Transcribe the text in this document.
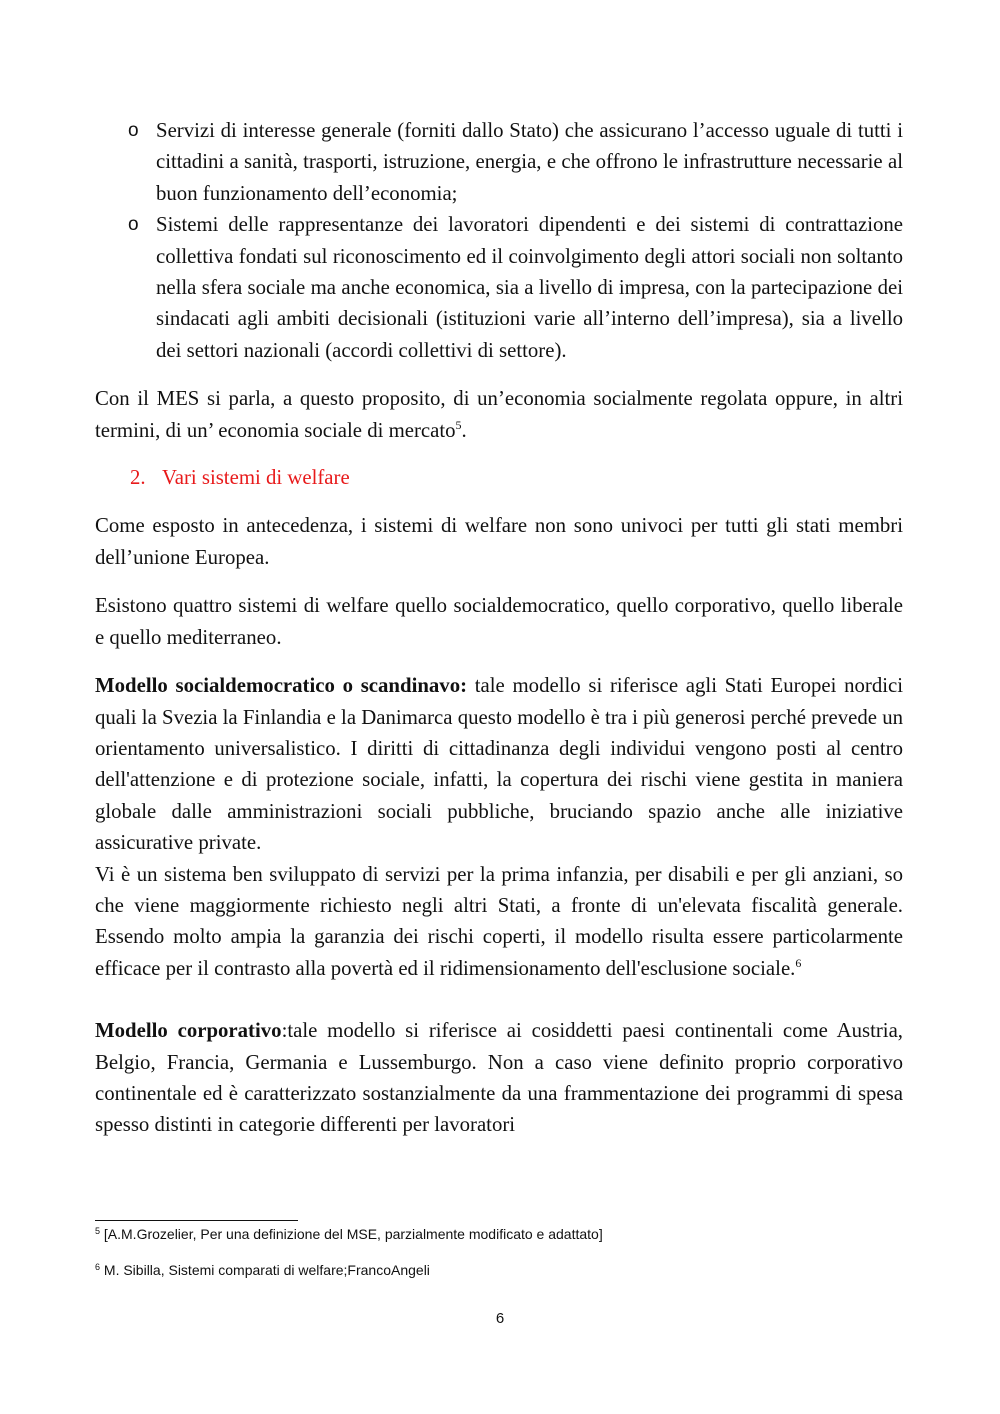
o Servizi di interesse generale (forniti dallo Stato) che assicurano l’accesso uguale di tutti i cittadini a sanità, trasporti, istruzione, energia, e che offrono le infrastrutture necessarie al buon funzionamento dell’economia;
o Sistemi delle rappresentanze dei lavoratori dipendenti e dei sistemi di contrattazione collettiva fondati sul riconoscimento ed il coinvolgimento degli attori sociali non soltanto nella sfera sociale ma anche economica, sia a livello di impresa, con la partecipazione dei sindacati agli ambiti decisionali (istituzioni varie all’interno dell’impresa), sia a livello dei settori nazionali (accordi collettivi di settore).

Con il MES si parla, a questo proposito, di un’economia socialmente regolata oppure, in altri termini, di un’ economia sociale di mercato$^5$.

2. Vari sistemi di welfare

Come esposto in antecedenza, i sistemi di welfare non sono univoci per tutti gli stati membri dell’unione Europea.

Esistono quattro sistemi di welfare quello socialdemocratico, quello corporativo, quello liberale e quello mediterraneo.

Modello socialdemocratico o scandinavo: tale modello si riferisce agli Stati Europei nordici quali la Svezia la Finlandia e la Danimarca questo modello è tra i più generosi perché prevede un orientamento universalistico. I diritti di cittadinanza degli individui vengono posti al centro dell'attenzione e di protezione sociale, infatti, la copertura dei rischi viene gestita in maniera globale dalle amministrazioni sociali pubbliche, bruciando spazio anche alle iniziative assicurative private.

Vi è un sistema ben sviluppato di servizi per la prima infanzia, per disabili e per gli anziani, so che viene maggiormente richiesto negli altri Stati, a fronte di un'elevata fiscalità generale. Essendo molto ampia la garanzia dei rischi coperti, il modello risulta essere particolarmente efficace per il contrasto alla povertà ed il ridimensionamento dell'esclusione sociale.$^6$

Modello corporativo:tale modello si riferisce ai cosiddetti paesi continentali come Austria, Belgio, Francia, Germania e Lussemburgo. Non a caso viene definito proprio corporativo continentale ed è caratterizzato sostanzialmente da una frammentazione dei programmi di spesa spesso distinti in categorie differenti per lavoratori

$^5$ [A.M.Grozelier, Per una definizione del MSE, parzialmente modificato e adattato]
$^6$ M. Sibilla, Sistemi comparati di welfare;FrancoAngeli
6
